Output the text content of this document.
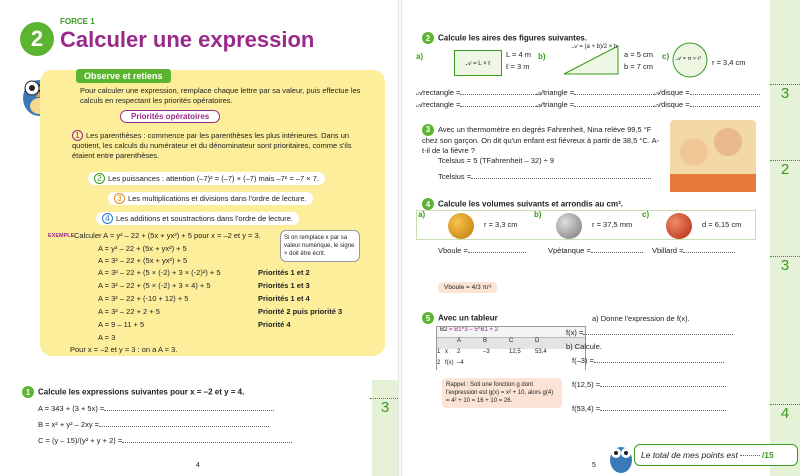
2
FORCE 1
Calculer une expression
Observe et retiens
Pour calculer une expression, remplace chaque lettre par sa valeur, puis effectue les calculs en respectant les priorités opératoires.
Priorités opératoires
1 Les parenthèses : commence par les parenthèses les plus intérieures. Dans un quotient, les calculs du numérateur et du dénominateur sont prioritaires, comme s'ils étaient entre parenthèses.
2 Les puissances : attention (–7)² = (–7) × (–7) mais –7² = –7 × 7.
3 Les multiplications et divisions dans l'ordre de lecture.
4 Les additions et soustractions dans l'ordre de lecture.
EXEMPLE Calculer A = y² – 22 + (5x + yx²) + 5 pour x = –2 et y = 3.
A = y² – 22 + (5x + yx²) + 5
A = 3² – 22 + (5x + yx²) + 5
A = 3² – 22 + (5 × (-2) + 3 × (-2)²) + 5
A = 3² – 22 + (5 × (-2) + 3 × 4) + 5
A = 3² – 22 + (-10 + 12) + 5
A = 3² – 22 + 2 + 5
A = 9 – 11 + 5
A = 3
Pour x = –2 et y = 3 : on a A = 3.
Priorités 1 et 2
Priorités 1 et 3
Priorités 1 et 4
Priorité 2 puis priorité 3
Priorité 4
Si on remplace x par sa valeur numérique, le signe × doit être écrit.
1 Calcule les expressions suivantes pour x = –2 et y = 4.
A = 343 + (3 + 5x) =
B = x² + y² – 2xy =
C = (y – 15)/(y² + y + 2) =
3
4
2 Calcule les aires des figures suivantes.
a)
𝒜 = L × ℓ
L = 4 m
ℓ = 3 m
b)
𝒜 = (a + b)/2 × h
a = 5 cm
b = 7 cm
c) 𝒜 = π × r² r = 3,4 cm
𝒜rectangle =
𝒜rectangle =
𝒜triangle =
𝒜triangle =
𝒜disque =
𝒜disque =
3 Avec un thermomètre en degrés Fahrenheit, Nina relève 99,5 °F chez son garçon. On dit qu'un enfant est fiévreux à partir de 38,5 °C. A-t-il de la fièvre ?
Tcelsius = 5 (TFahrenheit – 32) ÷ 9
Tcelsius =
4 Calcule les volumes suivants et arrondis au cm³.
a)
r = 3,3 cm
b)
r = 37,5 mm
c)
d = 6,15 cm
Vboule =	Vpétanque =	Vbillard =
Vboule = 4/3 πr³
5 Avec un tableur
B2 = B1^3 – 5^B1 + 2
A	B	C	D
1 x	2	–3	12,5	53,4
2 f(x) –4
Rappel : Soit une fonction g dont l'expression est g(x) = x² + 10, alors g(4) = 4² + 10 = 16 + 10 = 26.
a) Donne l'expression de f(x).
f(x) =
b) Calcule.
f(–3) =
f(12,5) =
f(53,4) =
Le total de mes points est	/15
3
2
3
4
5
